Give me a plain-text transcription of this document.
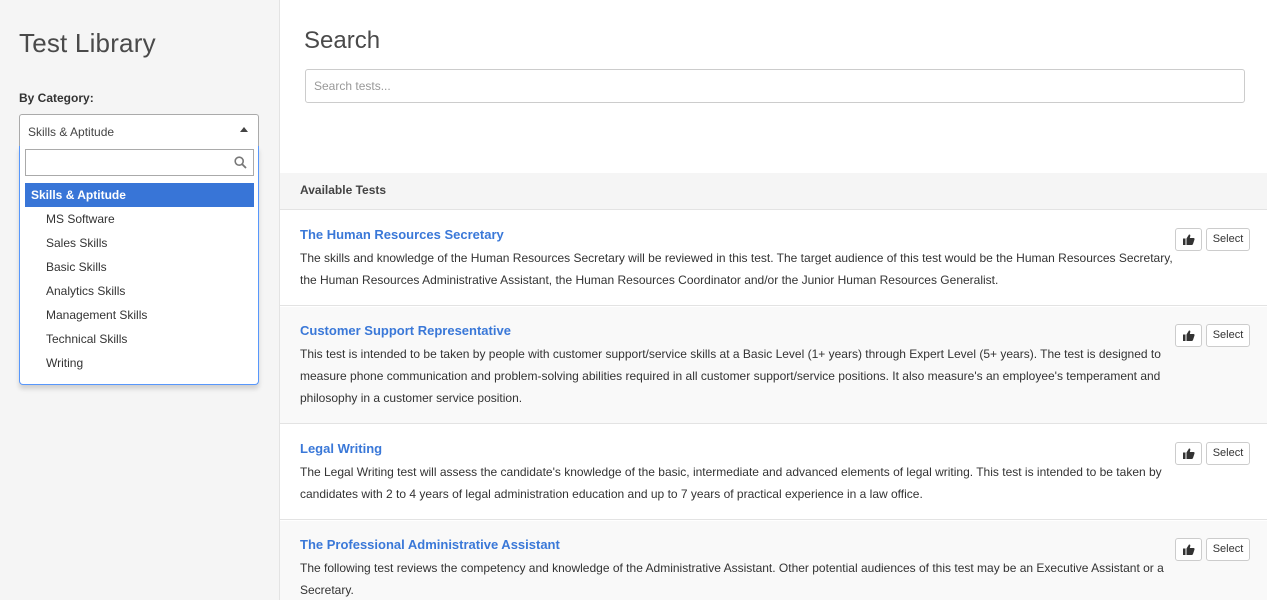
Test Library
By Category:
Skills & Aptitude
Skills & Aptitude
MS Software
Sales Skills
Basic Skills
Analytics Skills
Management Skills
Technical Skills
Writing
Search
Search tests...
Available Tests
The Human Resources Secretary
The skills and knowledge of the Human Resources Secretary will be reviewed in this test. The target audience of this test would be the Human Resources Secretary, the Human Resources Administrative Assistant, the Human Resources Coordinator and/or the Junior Human Resources Generalist.
Select
Customer Support Representative
This test is intended to be taken by people with customer support/service skills at a Basic Level (1+ years) through Expert Level (5+ years). The test is designed to measure phone communication and problem-solving abilities required in all customer support/service positions. It also measure's an employee's temperament and philosophy in a customer service position.
Select
Legal Writing
The Legal Writing test will assess the candidate's knowledge of the basic, intermediate and advanced elements of legal writing. This test is intended to be taken by candidates with 2 to 4 years of legal administration education and up to 7 years of practical experience in a law office.
Select
The Professional Administrative Assistant
The following test reviews the competency and knowledge of the Administrative Assistant. Other potential audiences of this test may be an Executive Assistant or a Secretary.
Select
